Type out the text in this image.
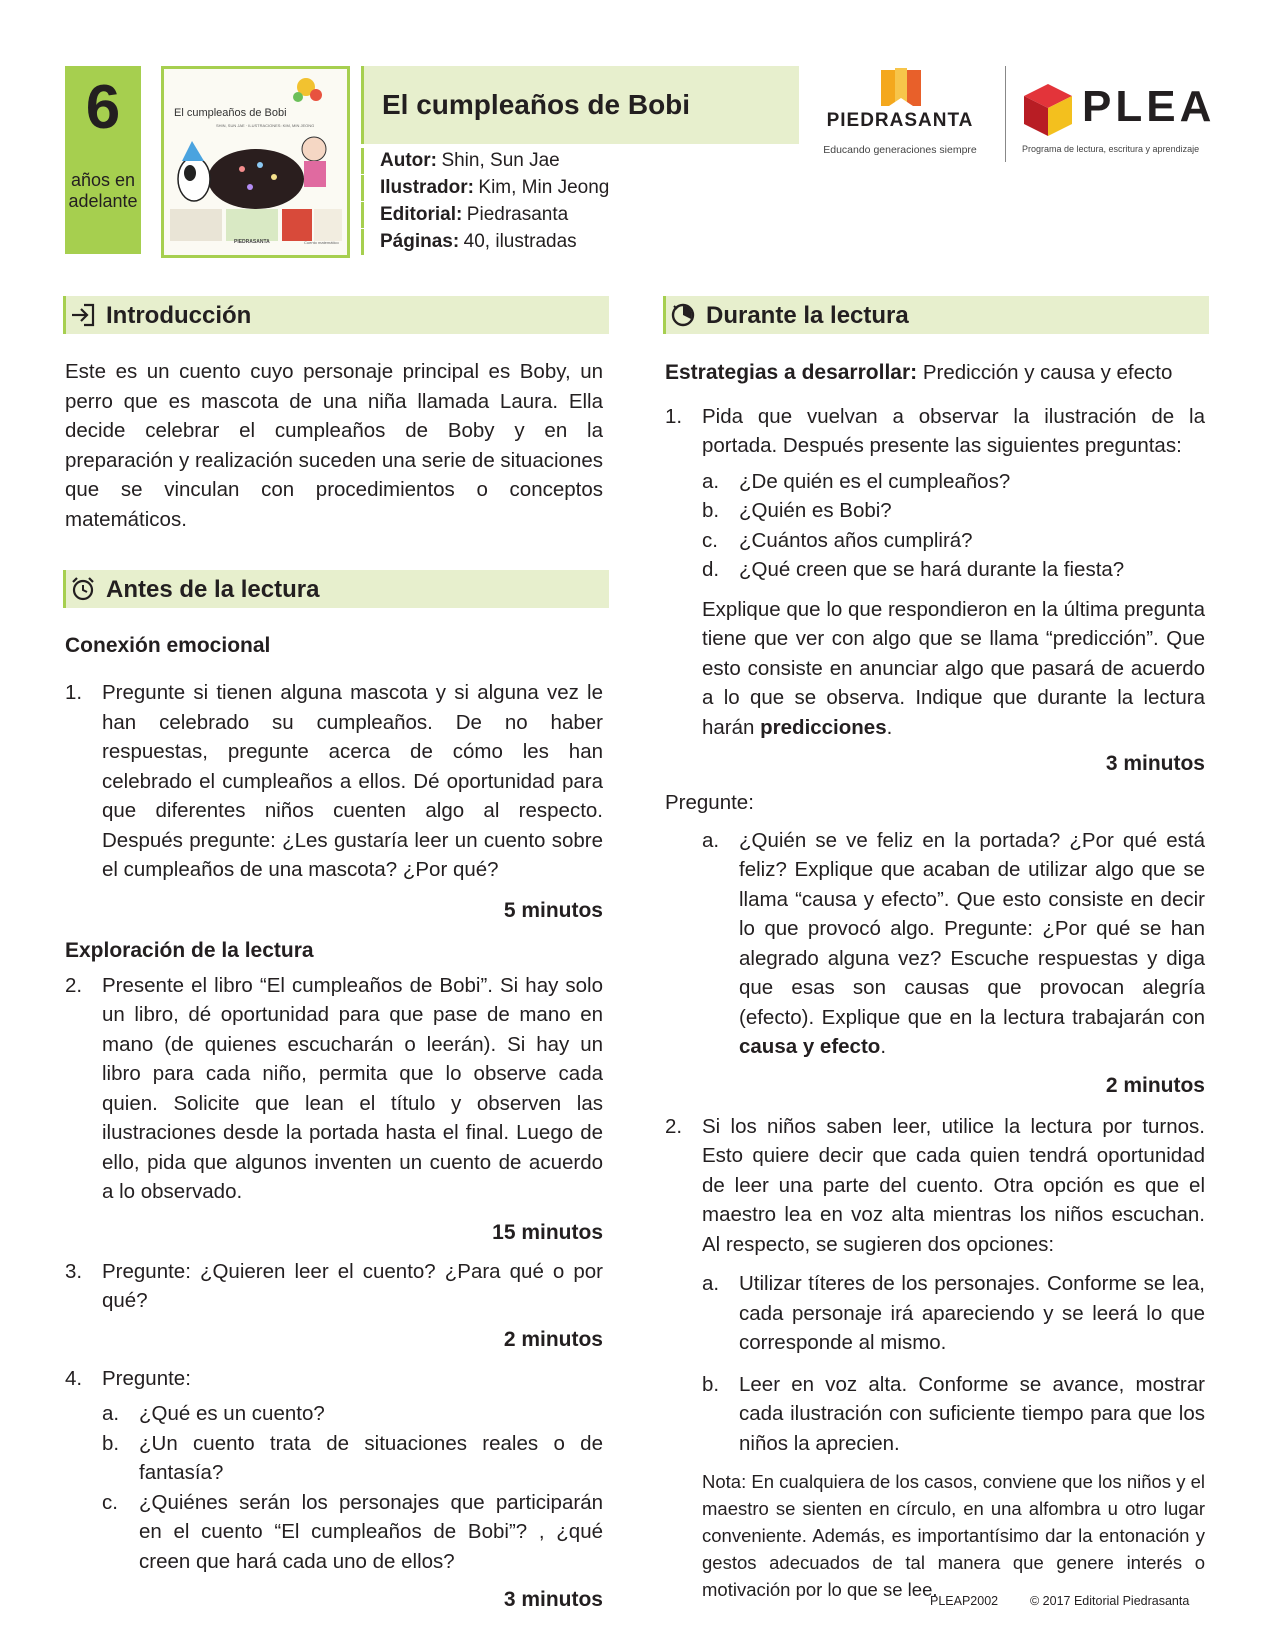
6
años en
adelante
El cumpleaños de Bobi
SHIN, SUN JAE · ILUSTRACIONES: KIM, MIN JEONG
PIEDRASANTA	Cuento matemático
El cumpleaños de Bobi
Autor: Shin, Sun Jae
Ilustrador: Kim, Min Jeong
Editorial: Piedrasanta
Páginas: 40, ilustradas
PIEDRASANTA
Educando generaciones siempre
PLEA
Programa de lectura, escritura y aprendizaje
Introducción
Este es un cuento cuyo personaje principal es Boby, un perro que es mascota de una niña llamada Laura. Ella decide celebrar el cumpleaños de Boby y en la preparación y realización suceden una serie de situaciones que se vinculan con procedimientos o conceptos matemáticos.
Antes de la lectura
Conexión emocional
1. Pregunte si tienen alguna mascota y si alguna vez le han celebrado su cumpleaños. De no haber respuestas, pregunte acerca de cómo les han celebrado el cumpleaños a ellos. Dé oportunidad para que diferentes niños cuenten algo al respecto. Después pregunte: ¿Les gustaría leer un cuento sobre el cumpleaños de una mascota? ¿Por qué?
5 minutos
Exploración de la lectura
2. Presente el libro “El cumpleaños de Bobi”. Si hay solo un libro, dé oportunidad para que pase de mano en mano (de quienes escucharán o leerán). Si hay un libro para cada niño, permita que lo observe cada quien. Solicite que lean el título y observen las ilustraciones desde la portada hasta el final. Luego de ello, pida que algunos inventen un cuento de acuerdo a lo observado.
15 minutos
3. Pregunte: ¿Quieren leer el cuento? ¿Para qué o por qué?
2 minutos
4. Pregunte:
a. ¿Qué es un cuento?
b. ¿Un cuento trata de situaciones reales o de fantasía?
c.	¿Quiénes serán los personajes que participarán en el cuento “El cumpleaños de Bobi”? , ¿qué creen que hará cada uno de ellos?
3 minutos
Durante la lectura
Estrategias a desarrollar: Predicción y causa y efecto
1. Pida que vuelvan a observar la ilustración de la portada. Después presente las siguientes preguntas:
a. ¿De quién es el cumpleaños?
b. ¿Quién es Bobi?
c.	¿Cuántos años cumplirá?
d. ¿Qué creen que se hará durante la fiesta?
Explique que lo que respondieron en la última pregunta tiene que ver con algo que se llama “predicción”. Que esto consiste en anunciar algo que pasará de acuerdo a lo que se observa. Indique que durante la lectura harán predicciones.
3 minutos
Pregunte:
a. ¿Quién se ve feliz en la portada? ¿Por qué está feliz? Explique que acaban de utilizar algo que se llama “causa y efecto”. Que esto consiste en decir lo que provocó algo. Pregunte: ¿Por qué se han alegrado alguna vez? Escuche respuestas y diga que esas son causas que provocan alegría (efecto). Explique que en la lectura trabajarán con causa y efecto.
2 minutos
2. Si los niños saben leer, utilice la lectura por turnos. Esto quiere decir que cada quien tendrá oportunidad de leer una parte del cuento. Otra opción es que el maestro lea en voz alta mientras los niños escuchan. Al respecto, se sugieren dos opciones:
a. Utilizar títeres de los personajes. Conforme se lea, cada personaje irá apareciendo y se leerá lo que corresponde al mismo.
b. Leer en voz alta. Conforme se avance, mostrar cada ilustración con suficiente tiempo para que los niños la aprecien.
Nota: En cualquiera de los casos, conviene que los niños y el maestro se sienten en círculo, en una alfombra u otro lugar conveniente. Además, es importantísimo dar la entonación y gestos adecuados de tal manera que genere interés o motivación por lo que se lee.
PLEAP2002	© 2017 Editorial Piedrasanta
